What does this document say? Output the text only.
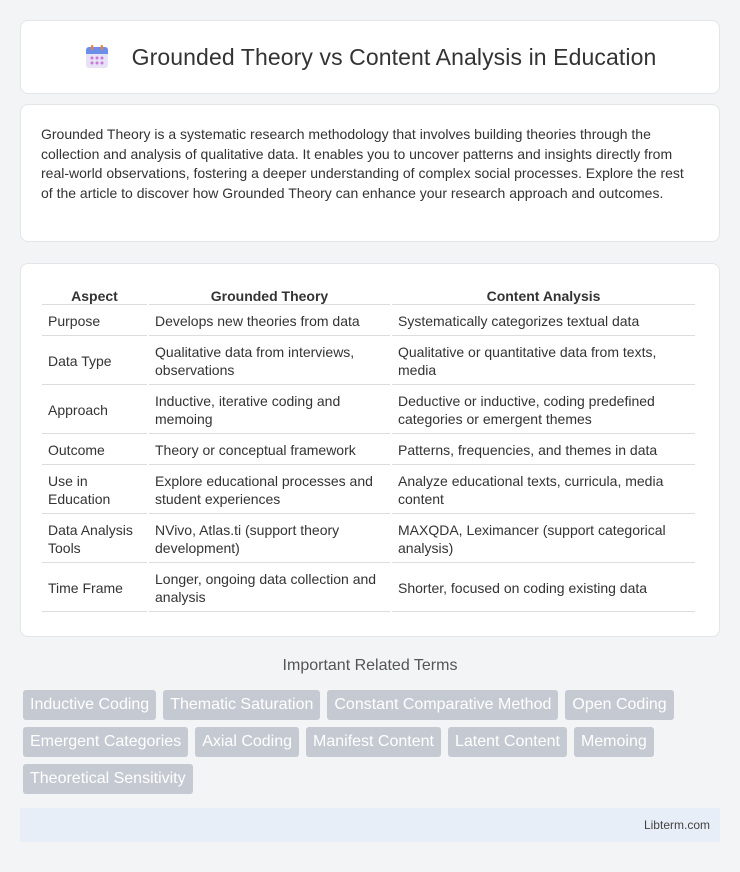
Grounded Theory vs Content Analysis in Education

Grounded Theory is a systematic research methodology that involves building theories through the collection and analysis of qualitative data. It enables you to uncover patterns and insights directly from real-world observations, fostering a deeper understanding of complex social processes. Explore the rest of the article to discover how Grounded Theory can enhance your research approach and outcomes.

Aspect	Grounded Theory	Content Analysis
Purpose	Develops new theories from data	Systematically categorizes textual data
Data Type	Qualitative data from interviews, observations	Qualitative or quantitative data from texts, media
Approach	Inductive, iterative coding and memoing	Deductive or inductive, coding predefined categories or emergent themes
Outcome	Theory or conceptual framework	Patterns, frequencies, and themes in data
Use in Education	Explore educational processes and student experiences	Analyze educational texts, curricula, media content
Data Analysis Tools	NVivo, Atlas.ti (support theory development)	MAXQDA, Leximancer (support categorical analysis)
Time Frame	Longer, ongoing data collection and analysis	Shorter, focused on coding existing data
Important Related Terms
Inductive Coding	Thematic Saturation	Constant Comparative Method	Open Coding
Emergent Categories	Axial Coding	Manifest Content	Latent Content	Memoing
Theoretical Sensitivity
Libterm.com
